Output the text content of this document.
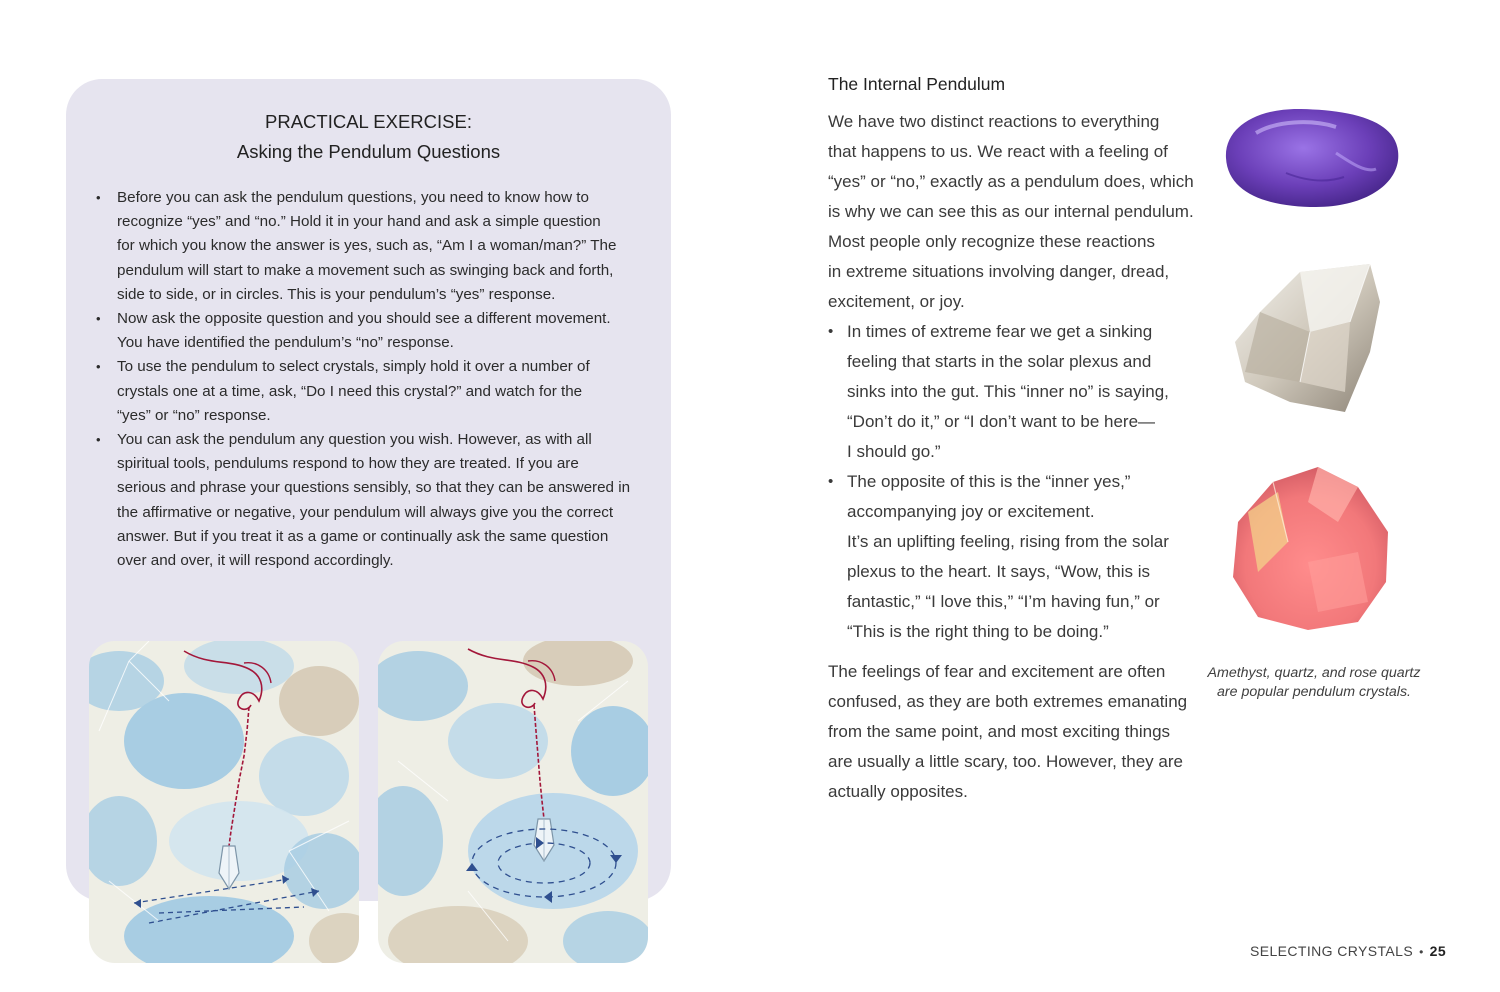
PRACTICAL EXERCISE:
Asking the Pendulum Questions
• Before you can ask the pendulum questions, you need to know how to
recognize “yes” and “no.” Hold it in your hand and ask a simple question
for which you know the answer is yes, such as, “Am I a woman/man?” The
pendulum will start to make a movement such as swinging back and forth,
side to side, or in circles. This is your pendulum’s “yes” response.
• Now ask the opposite question and you should see a different movement.
You have identified the pendulum’s “no” response.
• To use the pendulum to select crystals, simply hold it over a number of
crystals one at a time, ask, “Do I need this crystal?” and watch for the
“yes” or “no” response.
• You can ask the pendulum any question you wish. However, as with all
spiritual tools, pendulums respond to how they are treated. If you are
serious and phrase your questions sensibly, so that they can be answered in
the affirmative or negative, your pendulum will always give you the correct
answer. But if you treat it as a game or continually ask the same question
over and over, it will respond accordingly.
The Internal Pendulum
We have two distinct reactions to everything
that happens to us. We react with a feeling of
“yes” or “no,” exactly as a pendulum does, which
is why we can see this as our internal pendulum.
Most people only recognize these reactions
in extreme situations involving danger, dread,
excitement, or joy.
• In times of extreme fear we get a sinking
feeling that starts in the solar plexus and
sinks into the gut. This “inner no” is saying,
“Don’t do it,” or “I don’t want to be here—
I should go.”
• The opposite of this is the “inner yes,”
accompanying joy or excitement.
It’s an uplifting feeling, rising from the solar
plexus to the heart. It says, “Wow, this is
fantastic,” “I love this,” “I’m having fun,” or
“This is the right thing to be doing.”
The feelings of fear and excitement are often
confused, as they are both extremes emanating
from the same point, and most exciting things
are usually a little scary, too. However, they are
actually opposites.
Amethyst, quartz, and rose quartz
are popular pendulum crystals.
SELECTING CRYSTALS • 25
